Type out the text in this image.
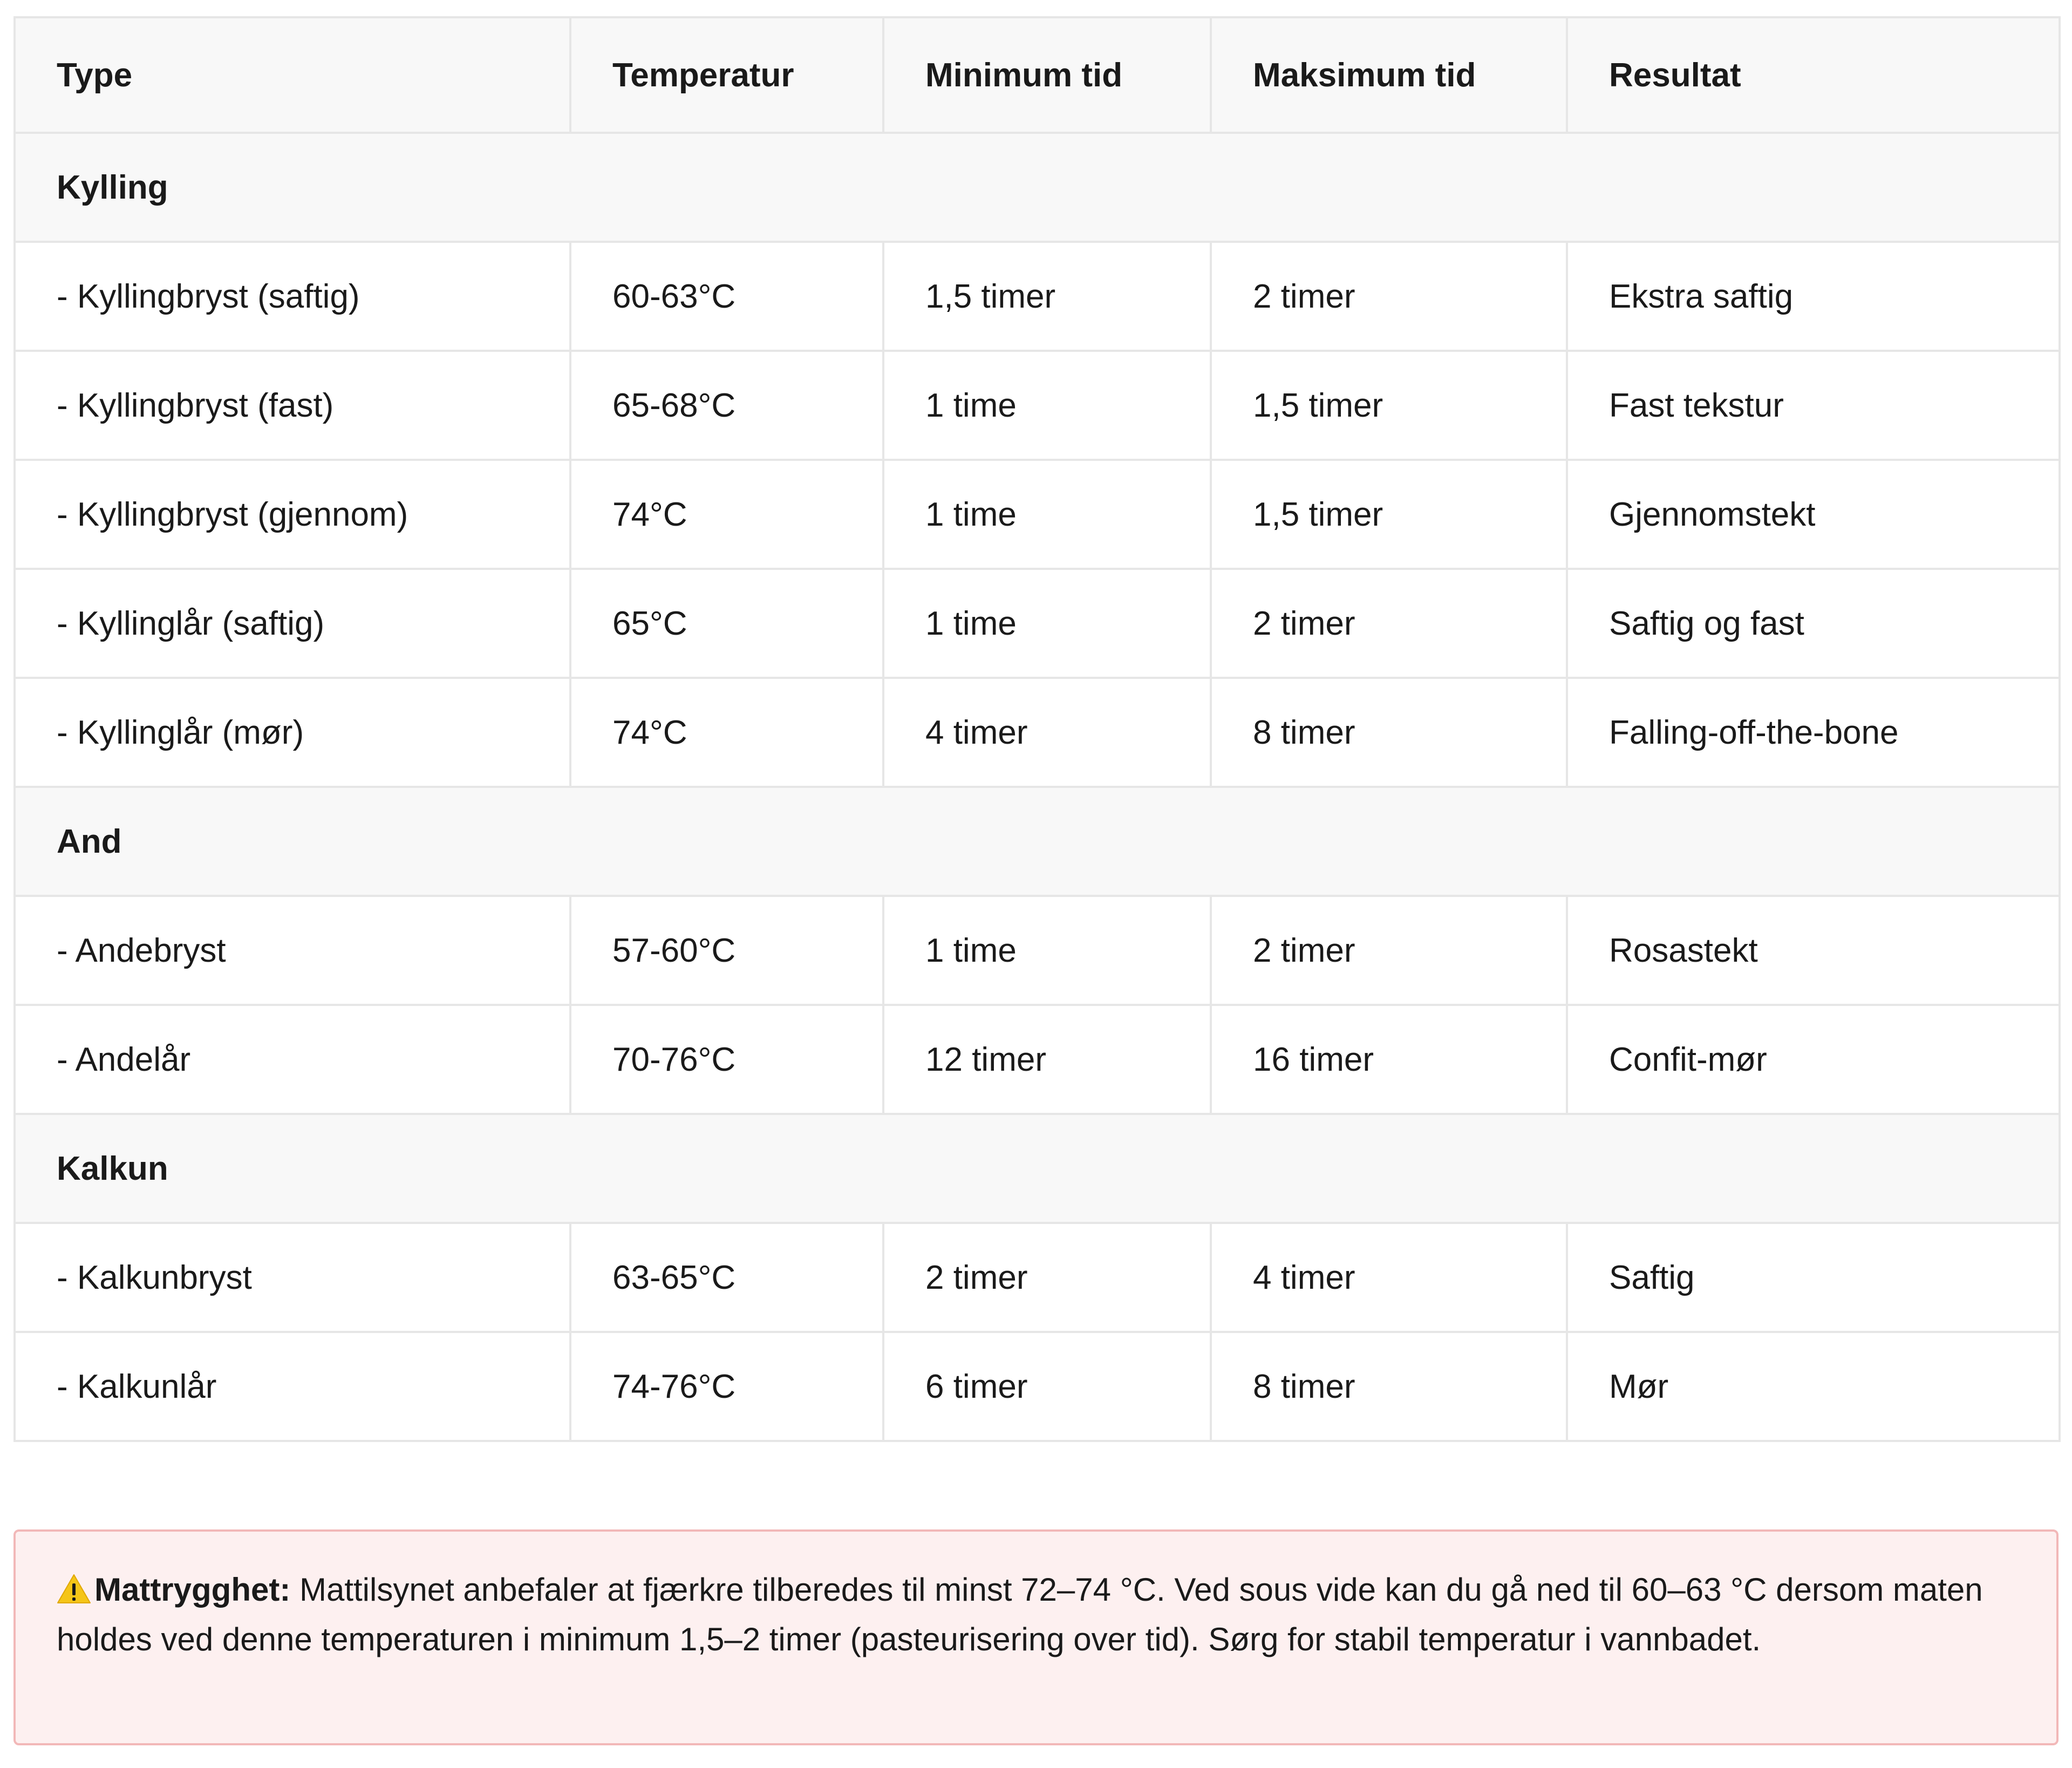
Type	Temperatur	Minimum tid	Maksimum tid	Resultat
Kylling				
- Kyllingbryst (saftig)	60-63°C	1,5 timer	2 timer	Ekstra saftig
- Kyllingbryst (fast)	65-68°C	1 time	1,5 timer	Fast tekstur
- Kyllingbryst (gjennom)	74°C	1 time	1,5 timer	Gjennomstekt
- Kyllinglår (saftig)	65°C	1 time	2 timer	Saftig og fast
- Kyllinglår (mør)	74°C	4 timer	8 timer	Falling-off-the-bone
And				
- Andebryst	57-60°C	1 time	2 timer	Rosastekt
- Andelår	70-76°C	12 timer	16 timer	Confit-mør
Kalkun				
- Kalkunbryst	63-65°C	2 timer	4 timer	Saftig
- Kalkunlår	74-76°C	6 timer	8 timer	Mør
Mattrygghet: Mattilsynet anbefaler at fjærkre tilberedes til minst 72–74 °C. Ved sous vide kan du gå ned til 60–63 °C dersom maten holdes ved denne temperaturen i minimum 1,5–2 timer (pasteurisering over tid). Sørg for stabil temperatur i vannbadet.
